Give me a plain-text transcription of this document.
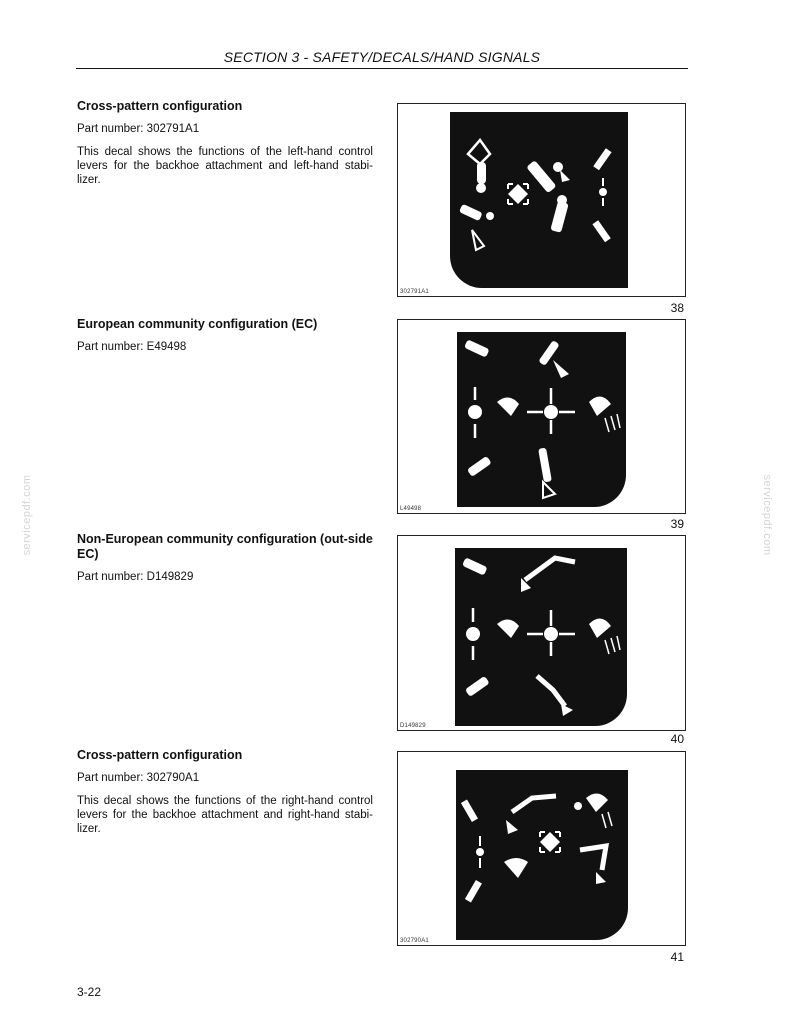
SECTION 3 - SAFETY/DECALS/HAND SIGNALS
servicepdf.com	servicepdf.com
Cross-pattern configuration

Part number: 302791A1

This decal shows the functions of the left-hand control levers for the backhoe attachment and left-hand stabi-lizer.

302791A1
38
European community configuration (EC)

Part number: E49498

L49498
39
Non-European community configuration (out-side EC)

Part number: D149829

D149829
40
Cross-pattern configuration

Part number: 302790A1

This decal shows the functions of the right-hand control levers for the backhoe attachment and right-hand stabi-lizer.

302790A1
41
3-22
